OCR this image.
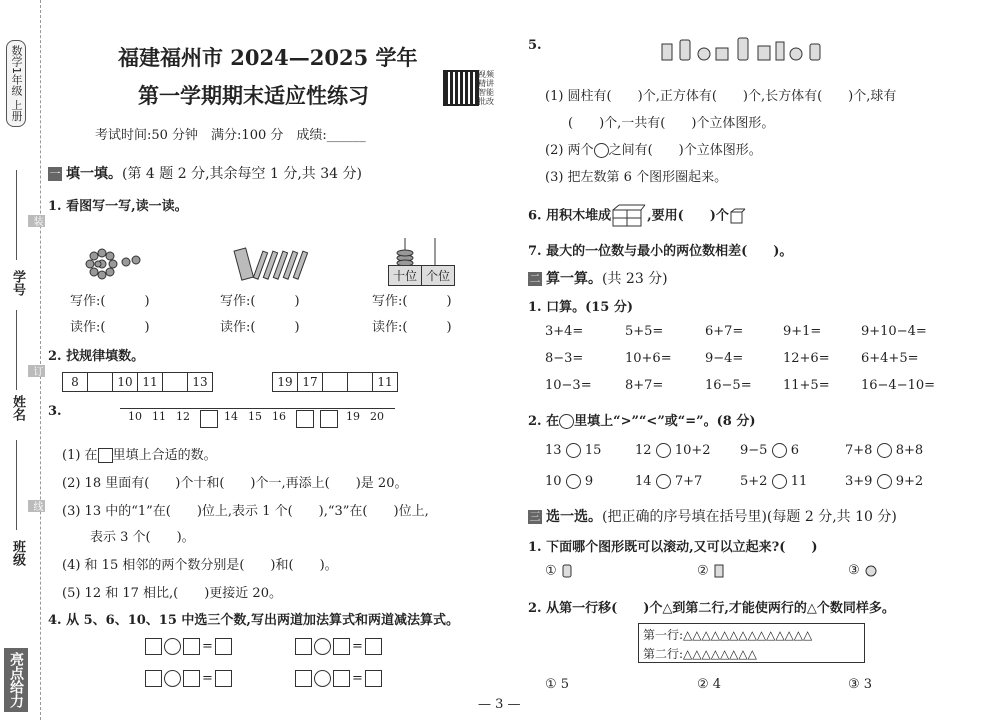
数学1年级 上册
学号
姓名
班级
装
订
线
亮点给力
福建福州市 2024—2025 学年
第一学期期末适应性练习
视频精讲智能批改
考试时间:50 分钟　满分:100 分　成绩:______
一 填一填。(第 4 题 2 分,其余每空 1 分,共 34 分)
1. 看图写一写,读一读。
十位 个位
写作:(　　　)	写作:(　　　)	写作:(　　　)
读作:(　　　)	读作:(　　　)	读作:(　　　)
2. 找规律填数。
8	10 11	13	19 17	11
3.	10 11 12	14 15 16	19 20
(1) 在 里填上合适的数。
(2) 18 里面有(　　)个十和(　　)个一,再添上(　　)是 20。
(3) 13 中的“1”在(　　)位上,表示 1 个(　　),“3”在(　　)位上,
表示 3 个(　　)。
(4) 和 15 相邻的两个数分别是(　　)和(　　)。
(5) 12 和 17 相比,(　　)更接近 20。
4. 从 5、6、10、15 中选三个数,写出两道加法算式和两道减法算式。
=	=
=	=
5.
(1) 圆柱有(　　)个,正方体有(　　)个,长方体有(　　)个,球有
(　　)个,一共有(　　)个立体图形。
(2) 两个 之间有(　　)个立体图形。
(3) 把左数第 6 个图形圈起来。
6. 用积木堆成	,要用(　　)个
7. 最大的一位数与最小的两位数相差(　　)。
二 算一算。(共 23 分)
1. 口算。(15 分)
3+4=	5+5=	6+7=	9+1=	9+10−4=
8−3=	10+6=	9−4=	12+6=	6+4+5=
10−3=	8+7=	16−5=	11+5=	16−4−10=
2. 在 里填上“>”“<”或“=”。(8 分)
13 15	12 10+2	9−5 6	7+8 8+8
10 9	14 7+7	5+2 11	3+9 9+2
三 选一选。(把正确的序号填在括号里)(每题 2 分,共 10 分)
1. 下面哪个图形既可以滚动,又可以立起来?(　　)
①	②	③
2. 从第一行移(　　)个△到第二行,才能使两行的△个数同样多。
第一行:△△△△△△△△△△△△△△
第二行:△△△△△△△△
① 5	② 4	③ 3
— 3 —
